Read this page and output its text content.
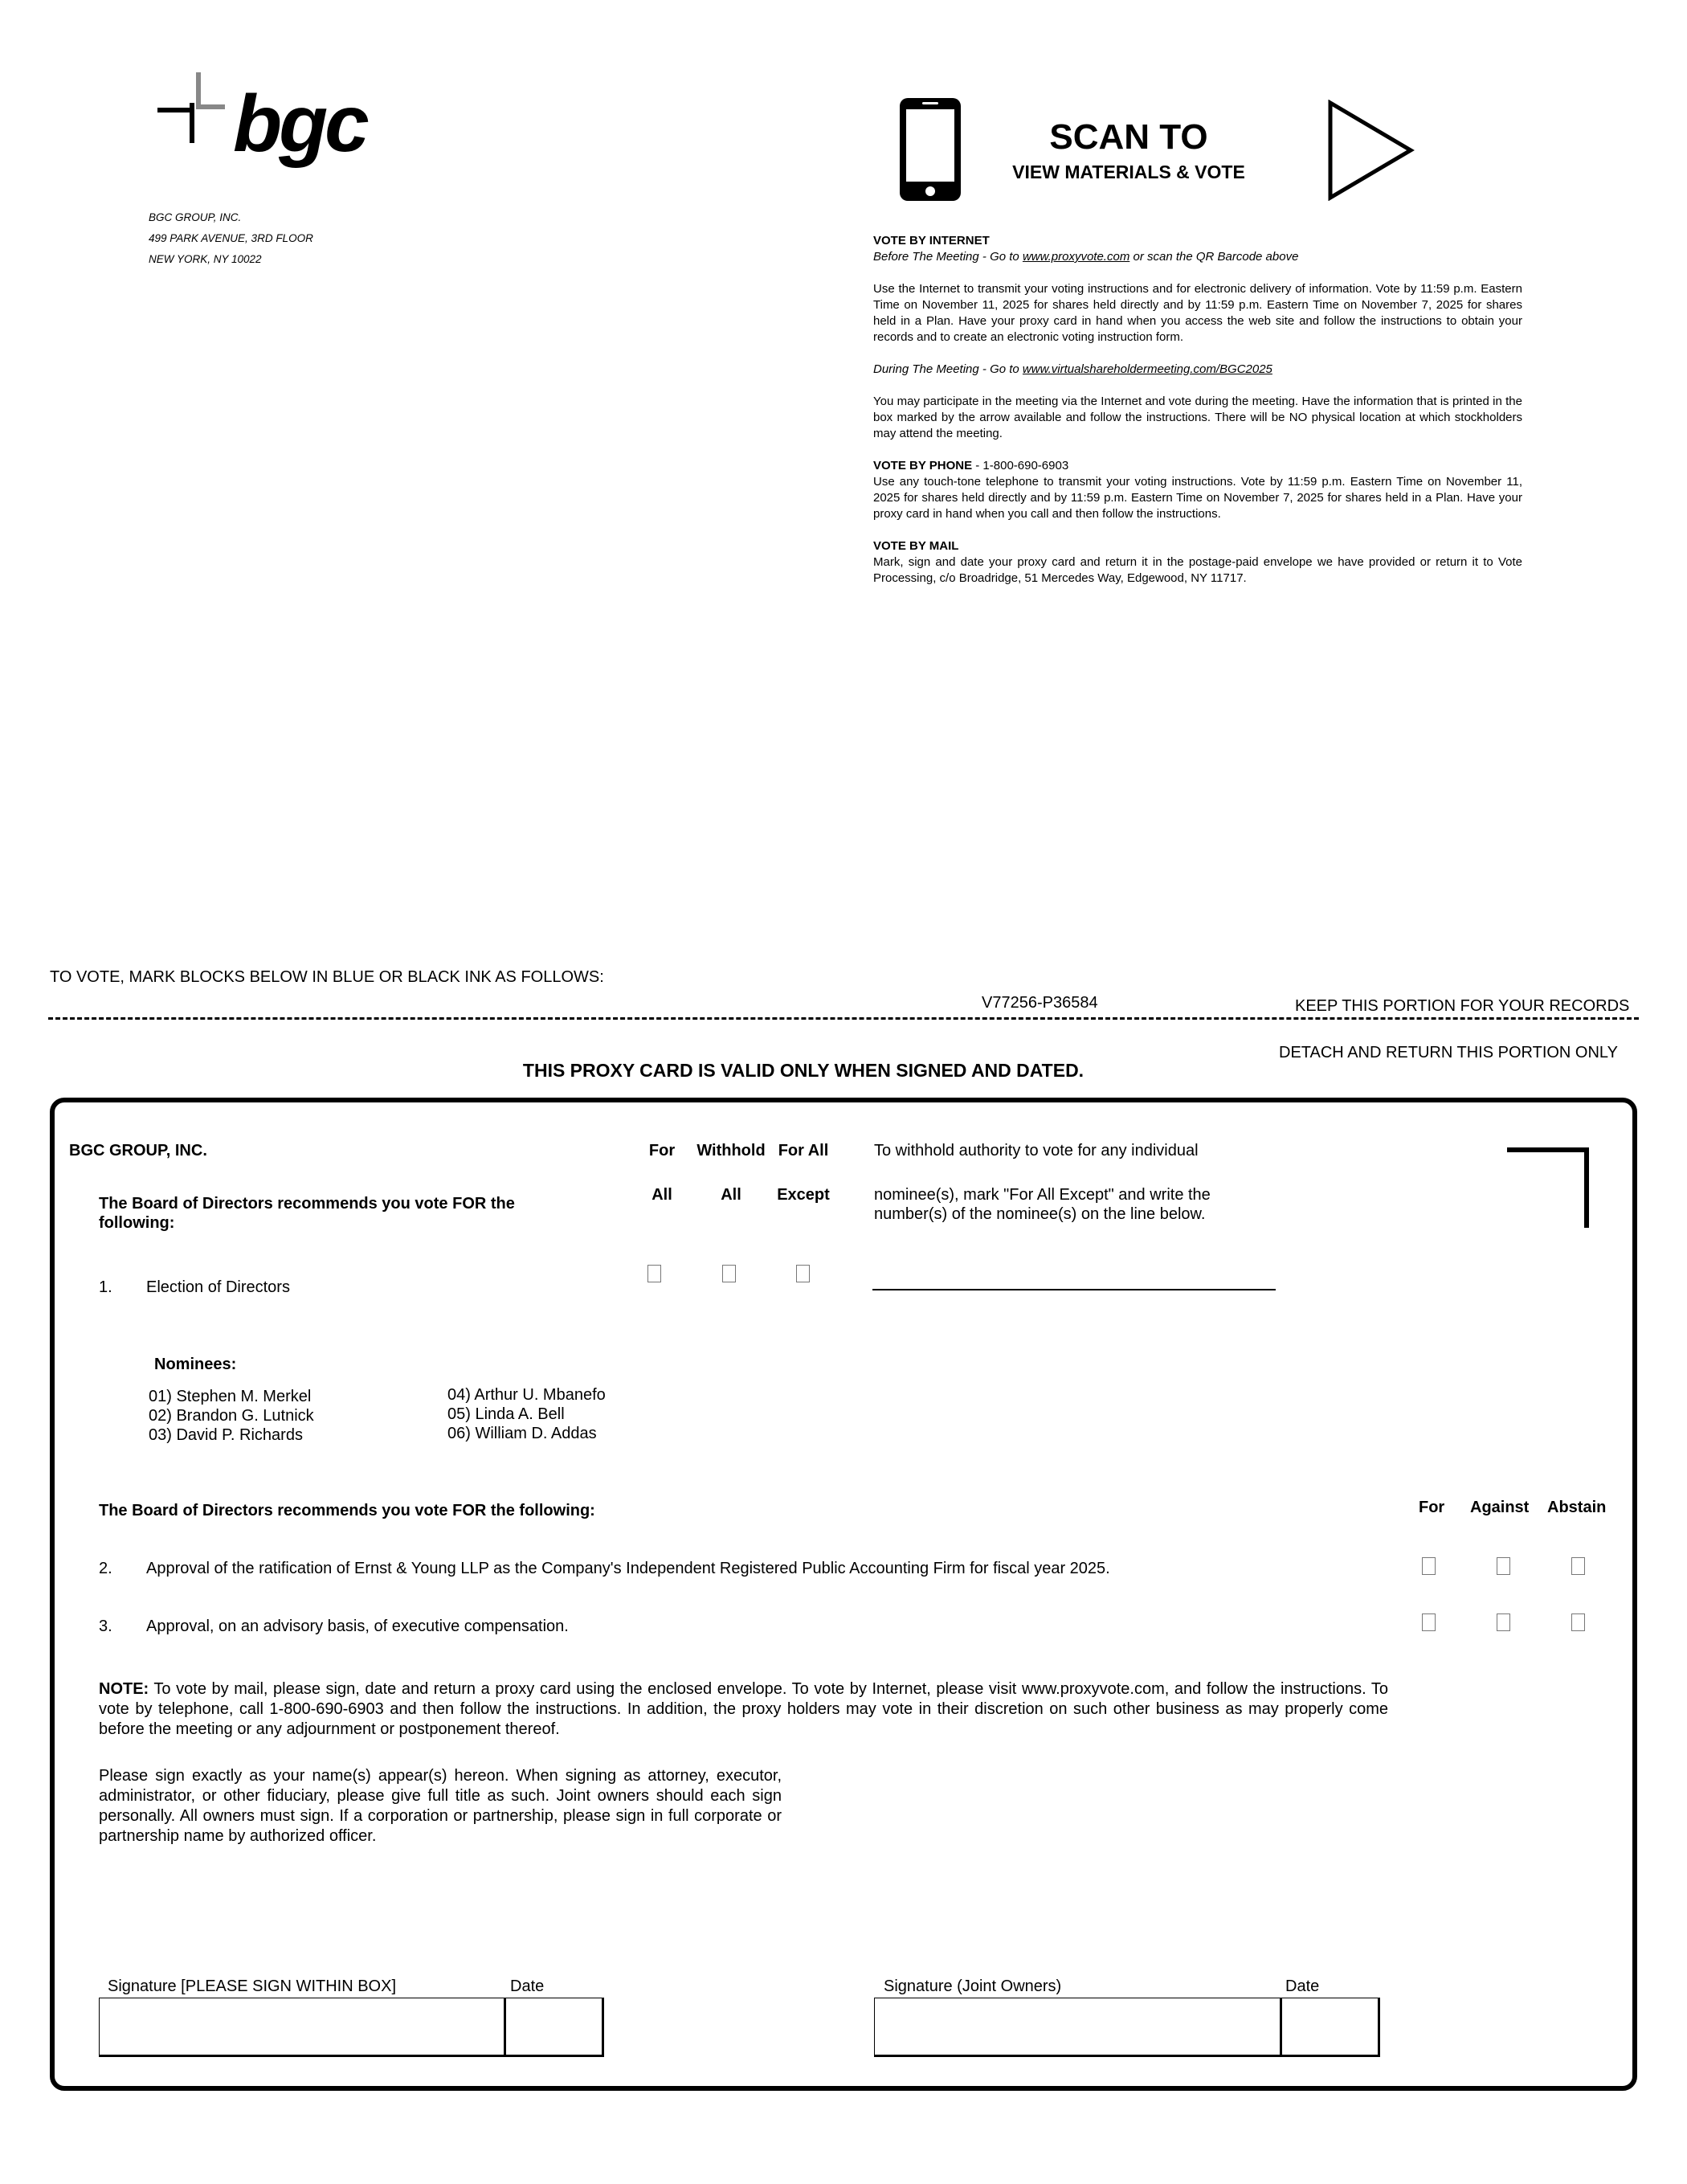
bgc
BGC GROUP, INC.
499 PARK AVENUE, 3RD FLOOR
NEW YORK, NY 10022
SCAN TO
VIEW MATERIALS & VOTE
VOTE BY INTERNET

Before The Meeting - Go to www.proxyvote.com or scan the QR Barcode above

Use the Internet to transmit your voting instructions and for electronic delivery of information. Vote by 11:59 p.m. Eastern Time on November 11, 2025 for shares held directly and by 11:59 p.m. Eastern Time on November 7, 2025 for shares held in a Plan. Have your proxy card in hand when you access the web site and follow the instructions to obtain your records and to create an electronic voting instruction form.

During The Meeting - Go to www.virtualshareholdermeeting.com/BGC2025

You may participate in the meeting via the Internet and vote during the meeting. Have the information that is printed in the box marked by the arrow available and follow the instructions. There will be NO physical location at which stockholders may attend the meeting.

VOTE BY PHONE - 1-800-690-6903

Use any touch-tone telephone to transmit your voting instructions. Vote by 11:59 p.m. Eastern Time on November 11, 2025 for shares held directly and by 11:59 p.m. Eastern Time on November 7, 2025 for shares held in a Plan. Have your proxy card in hand when you call and then follow the instructions.

VOTE BY MAIL

Mark, sign and date your proxy card and return it in the postage-paid envelope we have provided or return it to Vote Processing, c/o Broadridge, 51 Mercedes Way, Edgewood, NY 11717.

TO VOTE, MARK BLOCKS BELOW IN BLUE OR BLACK INK AS FOLLOWS:
V77256-P36584	KEEP THIS PORTION FOR YOUR RECORDS
DETACH AND RETURN THIS PORTION ONLY
THIS PROXY CARD IS VALID ONLY WHEN SIGNED AND DATED.
BGC GROUP, INC.
The Board of Directors recommends you vote FOR the following:
For
All
Withhold
All
For All
Except
To withhold authority to vote for any individual
nominee(s), mark "For All Except" and write the number(s) of the nominee(s) on the line below.
1. Election of Directors
Nominees:
01) Stephen M. Merkel
02) Brandon G. Lutnick
03) David P. Richards
04) Arthur U. Mbanefo
05) Linda A. Bell
06) William D. Addas
The Board of Directors recommends you vote FOR the following:	For Against Abstain
2. Approval of the ratification of Ernst & Young LLP as the Company's Independent Registered Public Accounting Firm for fiscal year 2025.
3. Approval, on an advisory basis, of executive compensation.
NOTE: To vote by mail, please sign, date and return a proxy card using the enclosed envelope. To vote by Internet, please visit www.proxyvote.com, and follow the instructions. To vote by telephone, call 1-800-690-6903 and then follow the instructions. In addition, the proxy holders may vote in their discretion on such other business as may properly come before the meeting or any adjournment or postponement thereof.
Please sign exactly as your name(s) appear(s) hereon. When signing as attorney, executor, administrator, or other fiduciary, please give full title as such. Joint owners should each sign personally. All owners must sign. If a corporation or partnership, please sign in full corporate or partnership name by authorized officer.
Signature [PLEASE SIGN WITHIN BOX]	Date	Signature (Joint Owners)	Date
